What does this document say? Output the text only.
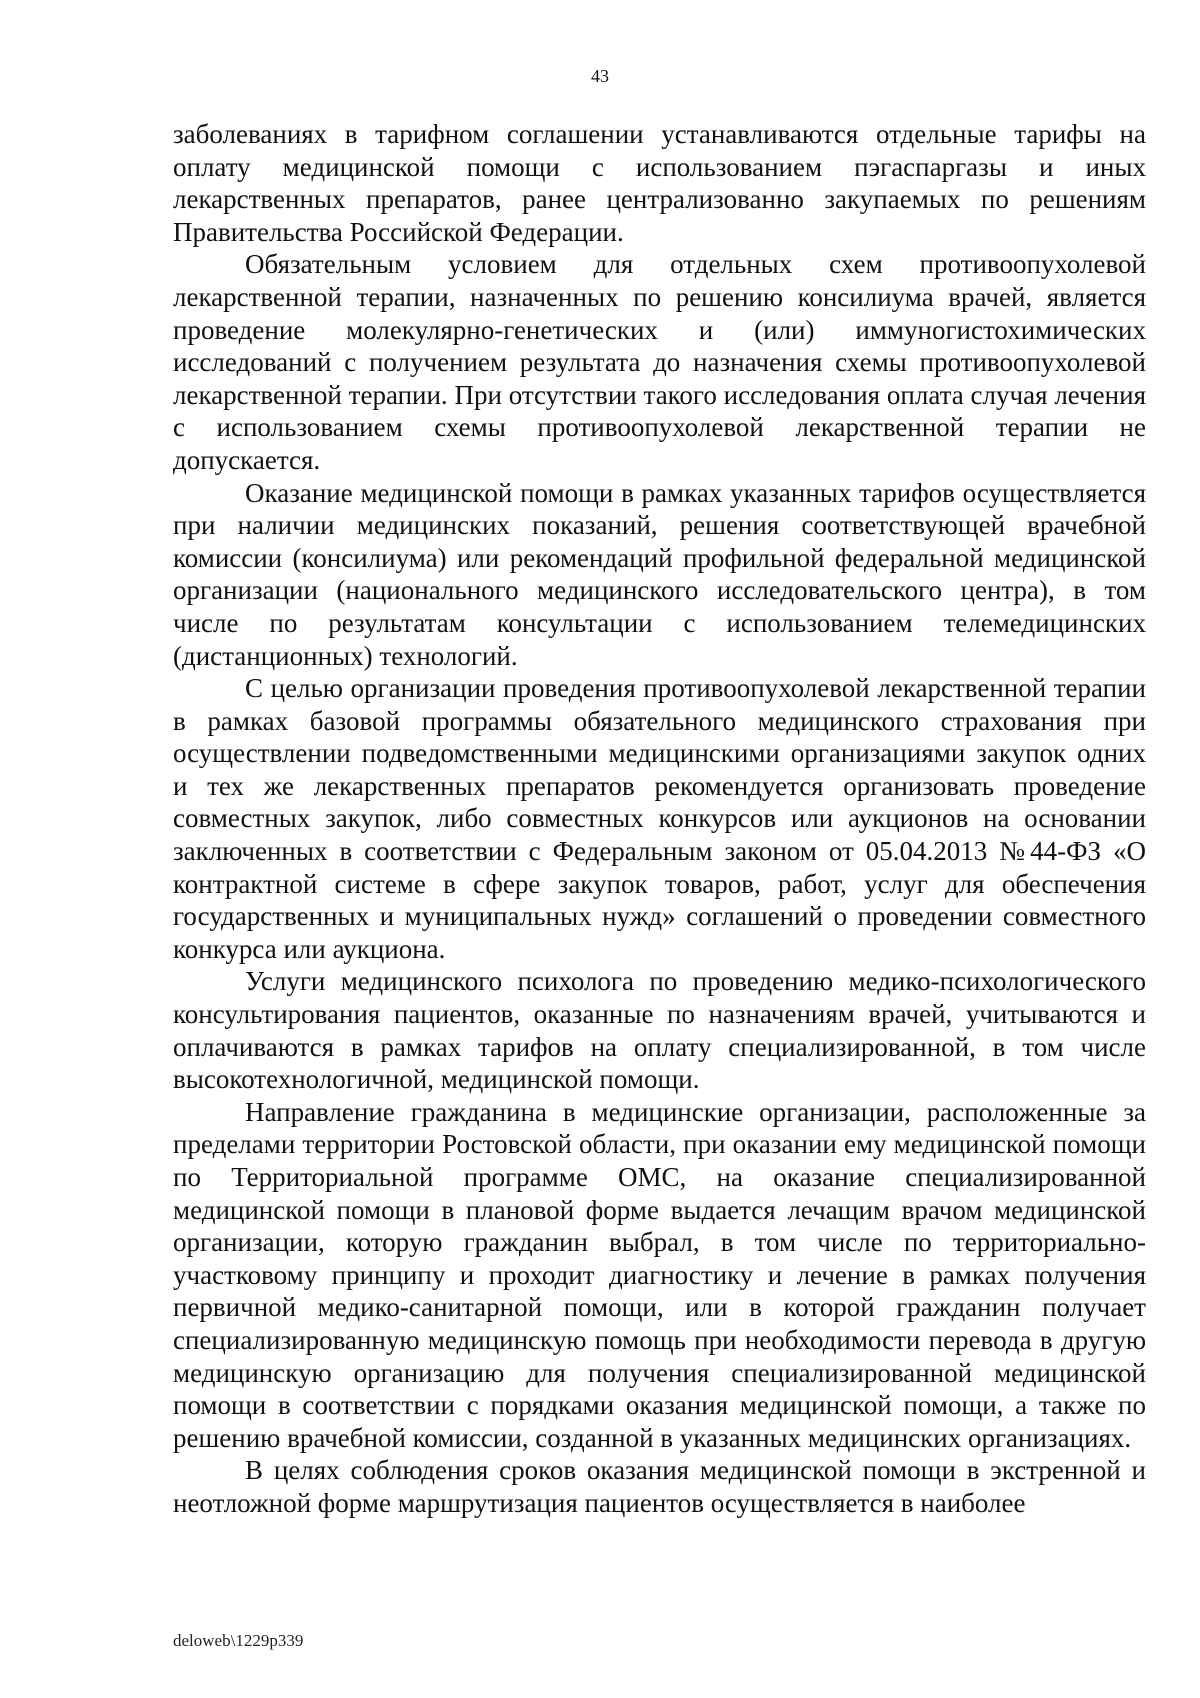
43

заболеваниях в тарифном соглашении устанавливаются отдельные тарифы на оплату медицинской помощи с использованием пэгаспаргазы и иных лекарственных препаратов, ранее централизованно закупаемых по решениям Правительства Российской Федерации.

Обязательным условием для отдельных схем противоопухолевой лекарственной терапии, назначенных по решению консилиума врачей, является проведение молекулярно-генетических и (или) иммуногистохимических исследований с получением результата до назначения схемы противоопухолевой лекарственной терапии. При отсутствии такого исследования оплата случая лечения с использованием схемы противоопухолевой лекарственной терапии не допускается.

Оказание медицинской помощи в рамках указанных тарифов осуществляется при наличии медицинских показаний, решения соответствующей врачебной комиссии (консилиума) или рекомендаций профильной федеральной медицинской организации (национального медицинского исследовательского центра), в том числе по результатам консультации с использованием телемедицинских (дистанционных) технологий.

С целью организации проведения противоопухолевой лекарственной терапии в рамках базовой программы обязательного медицинского страхования при осуществлении подведомственными медицинскими организациями закупок одних и тех же лекарственных препаратов рекомендуется организовать проведение совместных закупок, либо совместных конкурсов или аукционов на основании заключенных в соответствии с Федеральным законом от 05.04.2013 №44-ФЗ «О контрактной системе в сфере закупок товаров, работ, услуг для обеспечения государственных и муниципальных нужд» соглашений о проведении совместного конкурса или аукциона.

Услуги медицинского психолога по проведению медико-психологического консультирования пациентов, оказанные по назначениям врачей, учитываются и оплачиваются в рамках тарифов на оплату специализированной, в том числе высокотехнологичной, медицинской помощи.

Направление гражданина в медицинские организации, расположенные за пределами территории Ростовской области, при оказании ему медицинской помощи по Территориальной программе ОМС, на оказание специализированной медицинской помощи в плановой форме выдается лечащим врачом медицинской организации, которую гражданин выбрал, в том числе по территориально-участковому принципу и проходит диагностику и лечение в рамках получения первичной медико-санитарной помощи, или в которой гражданин получает специализированную медицинскую помощь при необходимости перевода в другую медицинскую организацию для получения специализированной медицинской помощи в соответствии с порядками оказания медицинской помощи, а также по решению врачебной комиссии, созданной в указанных медицинских организациях.

В целях соблюдения сроков оказания медицинской помощи в экстренной и неотложной форме маршрутизация пациентов осуществляется в наиболее

deloweb\1229p339
